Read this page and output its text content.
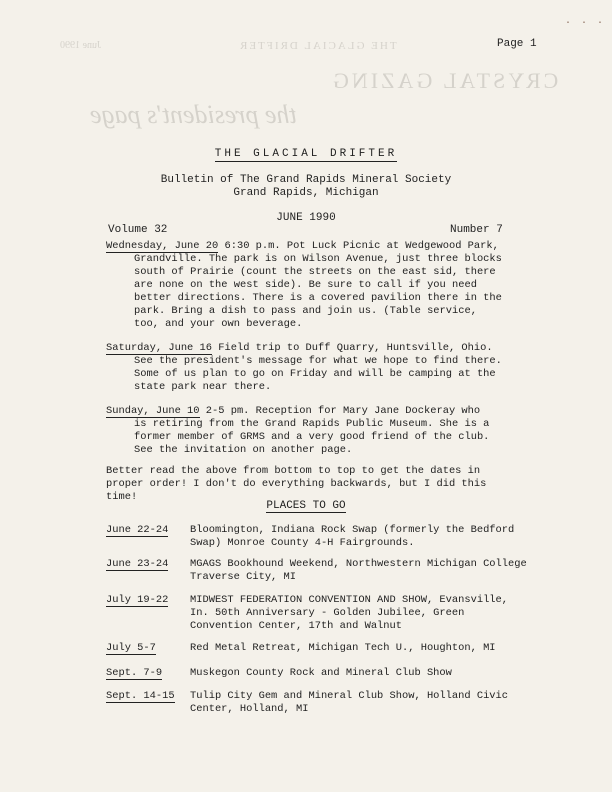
· · ·
THE GLACIAL DRIFTER
June 1990
CRYSTAL GAZING
the president's page
Page 1
THE GLACIAL DRIFTER
Bulletin of The Grand Rapids Mineral Society
Grand Rapids, Michigan
JUNE 1990
Volume 32	Number 7
Wednesday, June 20 6:30 p.m. Pot Luck Picnic at Wedgewood Park,
Grandville. The park is on Wilson Avenue, just three blocks south of Prairie (count the streets on the east sid, there are none on the west side). Be sure to call if you need better directions. There is a covered pavilion there in the park. Bring a dish to pass and join us. (Table service, too, and your own beverage.
Saturday, June 16 Field trip to Duff Quarry, Huntsville, Ohio.
See the president's message for what we hope to find there. Some of us plan to go on Friday and will be camping at the state park near there.
Sunday, June 10 2-5 pm. Reception for Mary Jane Dockeray who
is retiring from the Grand Rapids Public Museum. She is a former member of GRMS and a very good friend of the club. See the invitation on another page.
Better read the above from bottom to top to get the dates in proper order! I don't do everything backwards, but I did this time!
PLACES TO GO
June 22-24	Bloomington, Indiana Rock Swap (formerly the Bedford Swap) Monroe County 4-H Fairgrounds.
June 23-24	MGAGS Bookhound Weekend, Northwestern Michigan College Traverse City, MI
July 19-22	MIDWEST FEDERATION CONVENTION AND SHOW, Evansville, In. 50th Anniversary - Golden Jubilee, Green Convention Center, 17th and Walnut
July 5-7	Red Metal Retreat, Michigan Tech U., Houghton, MI
Sept. 7-9	Muskegon County Rock and Mineral Club Show
Sept. 14-15	Tulip City Gem and Mineral Club Show, Holland Civic Center, Holland, MI
